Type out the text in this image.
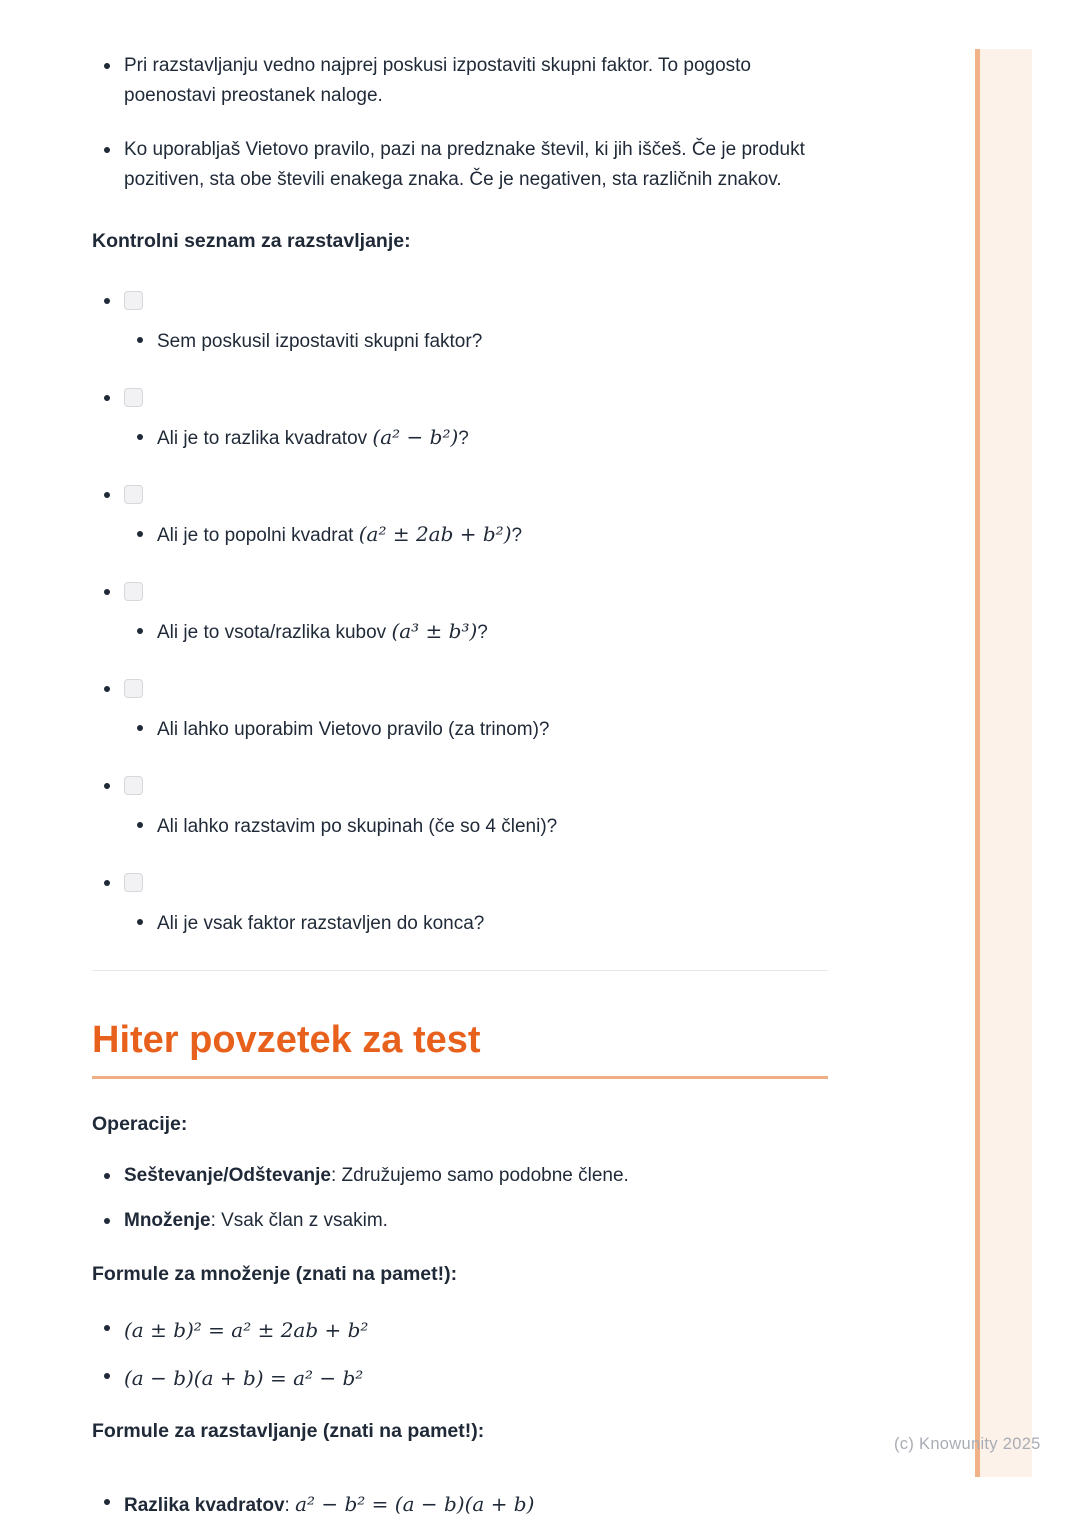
Pri razstavljanju vedno najprej poskusi izpostaviti skupni faktor. To pogosto poenostavi preostanek naloge.
Ko uporabljaš Vietovo pravilo, pazi na predznake števil, ki jih iščeš. Če je produkt pozitiven, sta obe števili enakega znaka. Če je negativen, sta različnih znakov.
Kontrolni seznam za razstavljanje:
Sem poskusil izpostaviti skupni faktor?
Ali je to razlika kvadratov (a² − b²)?
Ali je to popolni kvadrat (a² ± 2ab + b²)?
Ali je to vsota/razlika kubov (a³ ± b³)?
Ali lahko uporabim Vietovo pravilo (za trinom)?
Ali lahko razstavim po skupinah (če so 4 členi)?
Ali je vsak faktor razstavljen do konca?
Hiter povzetek za test
Operacije:
Seštevanje/Odštevanje: Združujemo samo podobne člene.
Množenje: Vsak član z vsakim.
Formule za množenje (znati na pamet!):
(a ± b)² = a² ± 2ab + b²
(a − b)(a + b) = a² − b²
Formule za razstavljanje (znati na pamet!):
Razlika kvadratov: a² − b² = (a − b)(a + b)
(c) Knowunity 2025
